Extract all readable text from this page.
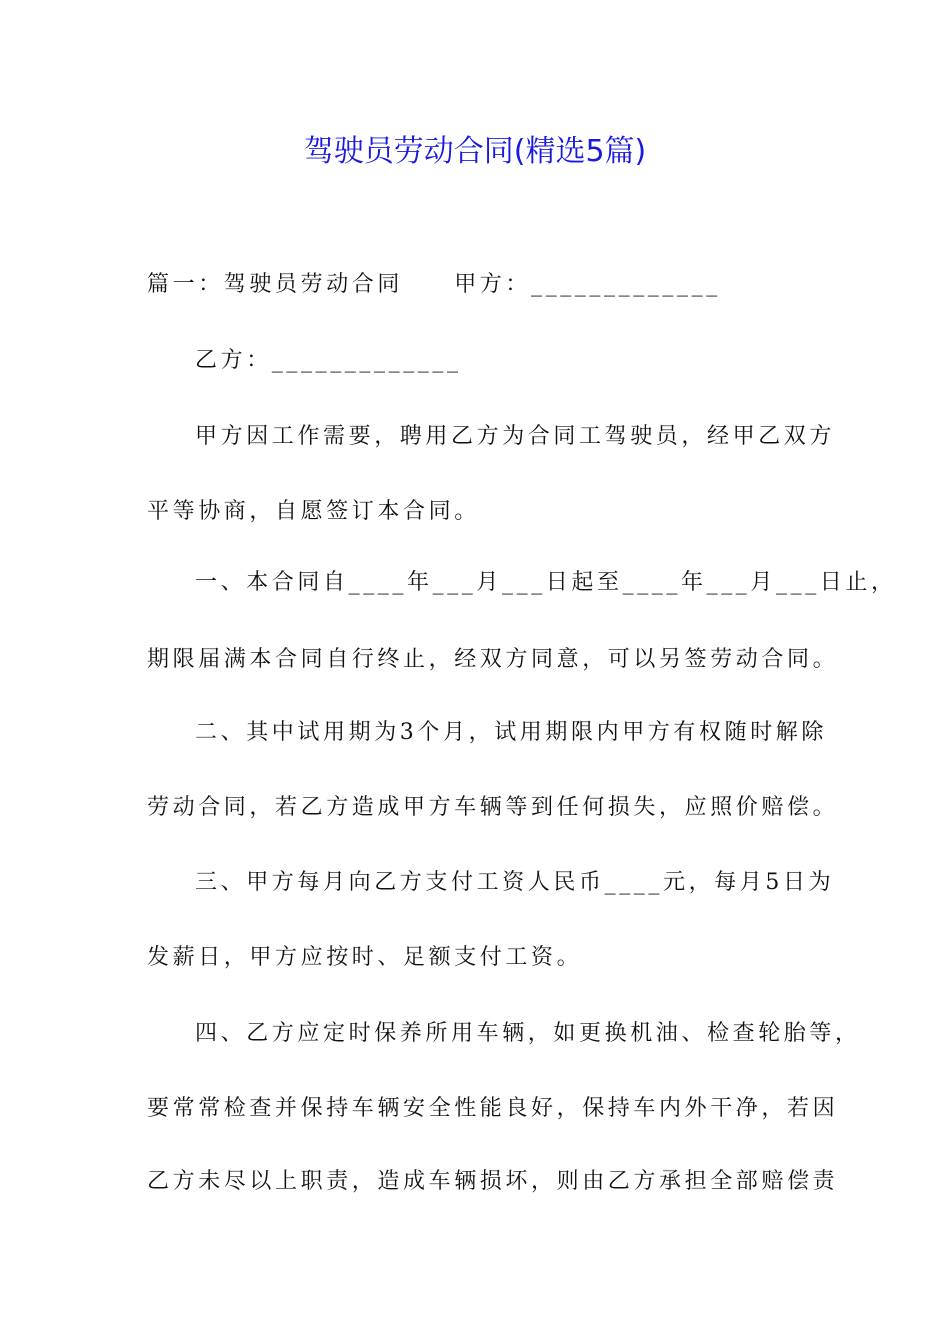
驾驶员劳动合同(精选5篇)
篇一：驾驶员劳动合同　　甲方：_____________
乙方：_____________
甲方因工作需要，聘用乙方为合同工驾驶员，经甲乙双方
平等协商，自愿签订本合同。
一、本合同自____年___月___日起至____年___月___日止，
期限届满本合同自行终止，经双方同意，可以另签劳动合同。
二、其中试用期为3个月，试用期限内甲方有权随时解除
劳动合同，若乙方造成甲方车辆等到任何损失，应照价赔偿。
三、甲方每月向乙方支付工资人民币____元，每月5日为
发薪日，甲方应按时、足额支付工资。
四、乙方应定时保养所用车辆，如更换机油、检查轮胎等，
要常常检查并保持车辆安全性能良好，保持车内外干净，若因
乙方未尽以上职责，造成车辆损坏，则由乙方承担全部赔偿责
